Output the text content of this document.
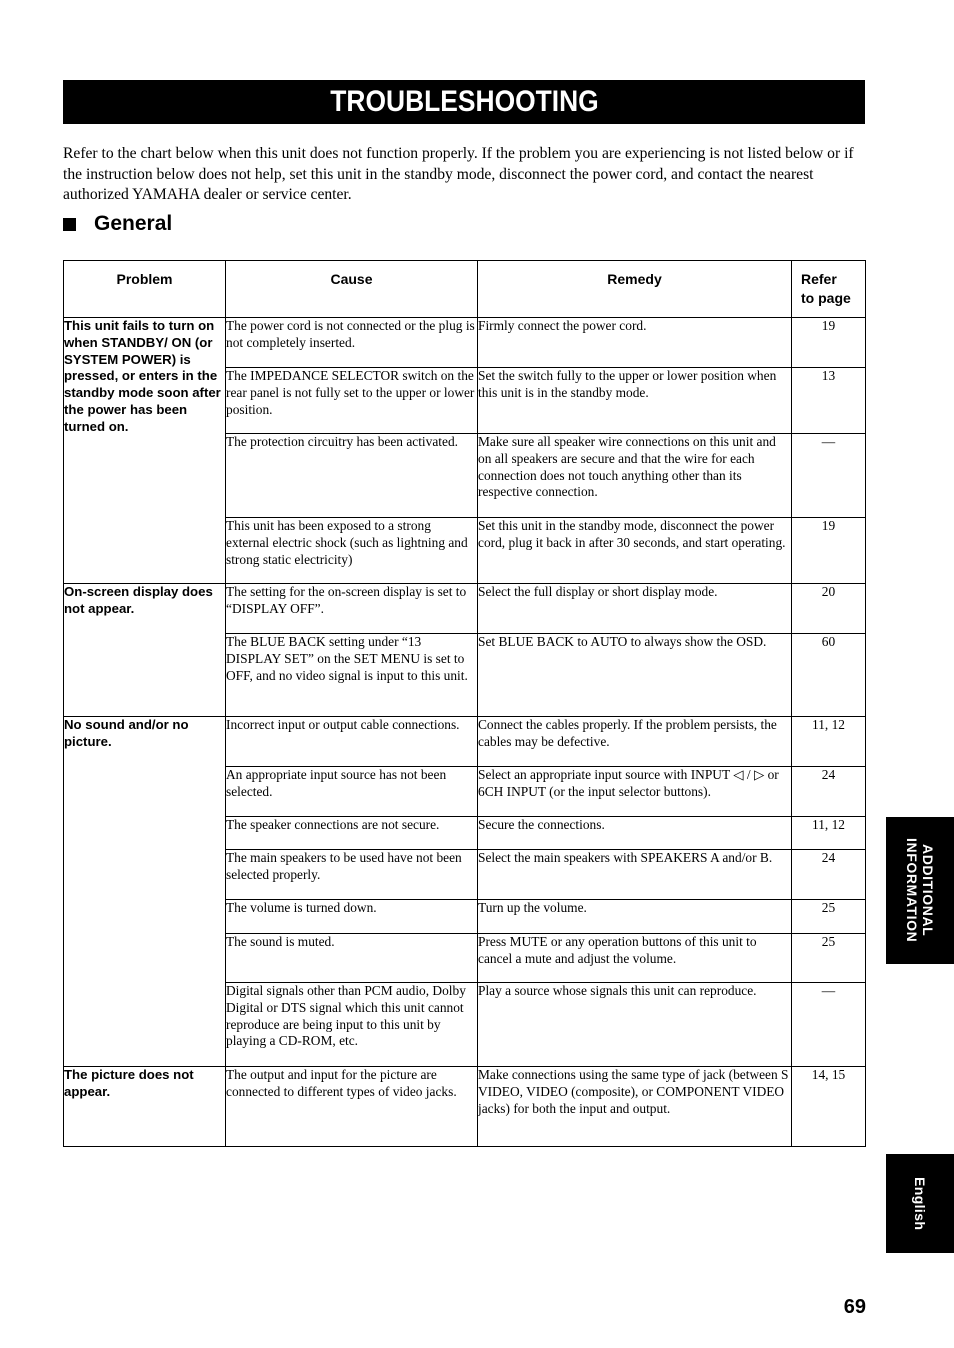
TROUBLESHOOTING

Refer to the chart below when this unit does not function properly. If the problem you are experiencing is not listed below or if the instruction below does not help, set this unit in the standby mode, disconnect the power cord, and contact the nearest authorized YAMAHA dealer or service center.

General
Problem	Cause	Remedy	Refer
to page
This unit fails to turn on when STANDBY/ ON (or SYSTEM POWER) is pressed, or enters in the standby mode soon after the power has been turned on.	The power cord is not connected or the plug is not completely inserted.	Firmly connect the power cord.	19
	The IMPEDANCE SELECTOR switch on the rear panel is not fully set to the upper or lower position.	Set the switch fully to the upper or lower position when this unit is in the standby mode.	13
	The protection circuitry has been activated.	Make sure all speaker wire connections on this unit and on all speakers are secure and that the wire for each connection does not touch anything other than its respective connection.	—
	This unit has been exposed to a strong external electric shock (such as lightning and strong static electricity)	Set this unit in the standby mode, disconnect the power cord, plug it back in after 30 seconds, and start operating.	19
On-screen display does not appear.	The setting for the on-screen display is set to “DISPLAY OFF”.	Select the full display or short display mode.	20
	The BLUE BACK setting under “13 DISPLAY SET” on the SET MENU is set to OFF, and no video signal is input to this unit.	Set BLUE BACK to AUTO to always show the OSD.	60
No sound and/or no picture.	Incorrect input or output cable connections.	Connect the cables properly. If the problem persists, the cables may be defective.	11, 12
	An appropriate input source has not been selected.	Select an appropriate input source with INPUT ◁ / ▷ or 6CH INPUT (or the input selector buttons).	24
	The speaker connections are not secure.	Secure the connections.	11, 12
	The main speakers to be used have not been selected properly.	Select the main speakers with SPEAKERS A and/or B.	24
	The volume is turned down.	Turn up the volume.	25
	The sound is muted.	Press MUTE or any operation buttons of this unit to cancel a mute and adjust the volume.	25
	Digital signals other than PCM audio, Dolby Digital or DTS signal which this unit cannot reproduce are being input to this unit by playing a CD-ROM, etc.	Play a source whose signals this unit can reproduce.	—
The picture does not appear.	The output and input for the picture are connected to different types of video jacks.	Make connections using the same type of jack (between S VIDEO, VIDEO (composite), or COMPONENT VIDEO jacks) for both the input and output.	14, 15
ADDITIONAL
INFORMATION
English
69
